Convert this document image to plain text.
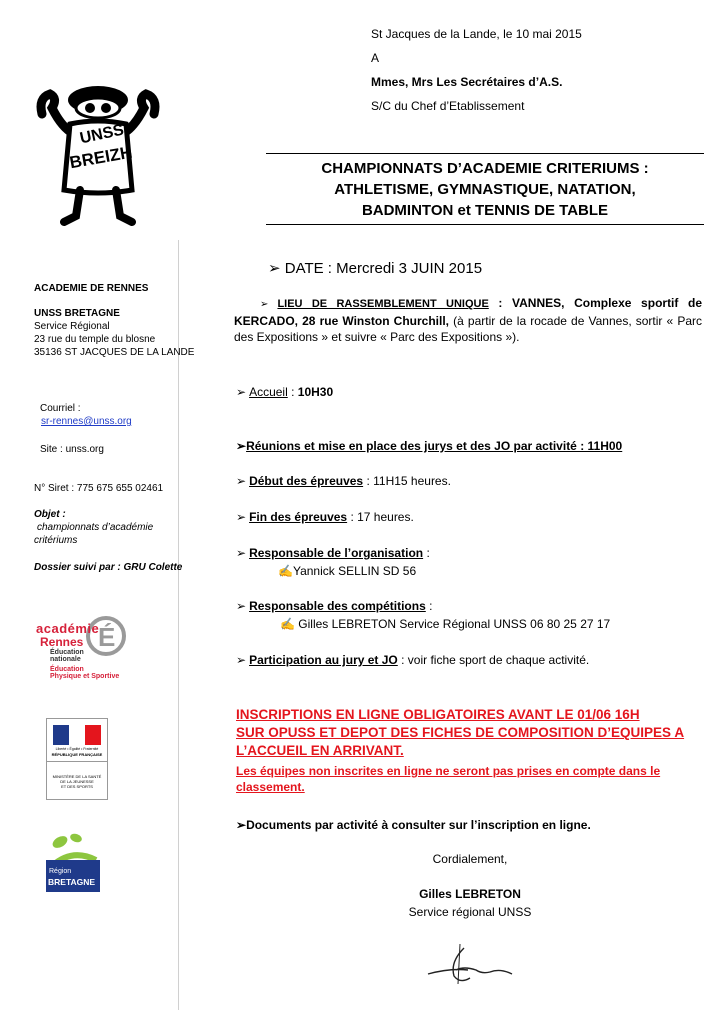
St Jacques de la Lande, le 10 mai 2015
A
Mmes, Mrs Les Secrétaires d’A.S.
S/C du Chef d’Etablissement
UNSS
BREIZH	CHAMPIONNATS D’ACADEMIE CRITERIUMS :
ATHLETISME, GYMNASTIQUE, NATATION,
BADMINTON et TENNIS DE TABLE
ACADEMIE DE RENNES
UNSS BRETAGNE
Service Régional
23 rue du temple du blosne
35136 ST JACQUES DE LA LANDE
Courriel :
sr-rennes@unss.org
Site : unss.org
N° Siret : 775 675 655 02461
Objet :
championnats d’académie
critériums
Dossier suivi par : GRU Colette
É
académie
Rennes
Éducation
nationale
Éducation
Physique et Sportive
Liberté • Égalité • Fraternité
RÉPUBLIQUE FRANÇAISE
MINISTÈRE DE LA SANTÉ
DE LA JEUNESSE
ET DES SPORTS
Région
BRETAGNE
➢ DATE : Mercredi 3 JUIN 2015
➢ LIEU DE RASSEMBLEMENT UNIQUE : VANNES, Complexe sportif de KERCADO, 28 rue Winston Churchill, (à partir de la rocade de Vannes, sortir « Parc des Expositions » et suivre « Parc des Expositions »).
➢ Accueil : 10H30
➢Réunions et mise en place des jurys et des JO par activité : 11H00
➢ Début des épreuves : 11H15 heures.
➢ Fin des épreuves : 17 heures.
➢ Responsable de l’organisation :
✍Yannick SELLIN SD 56
➢ Responsable des compétitions :
✍ Gilles LEBRETON Service Régional UNSS 06 80 25 27 17
➢ Participation au jury et JO : voir fiche sport de chaque activité.
INSCRIPTIONS EN LIGNE OBLIGATOIRES AVANT LE 01/06 16H
SUR OPUSS ET DEPOT DES FICHES DE COMPOSITION D’EQUIPES A
L’ACCUEIL EN ARRIVANT.
Les équipes non inscrites en ligne ne seront pas prises en compte dans le classement.
➢Documents par activité à consulter sur l’inscription en ligne.
Cordialement,
Gilles LEBRETON
Service régional UNSS
